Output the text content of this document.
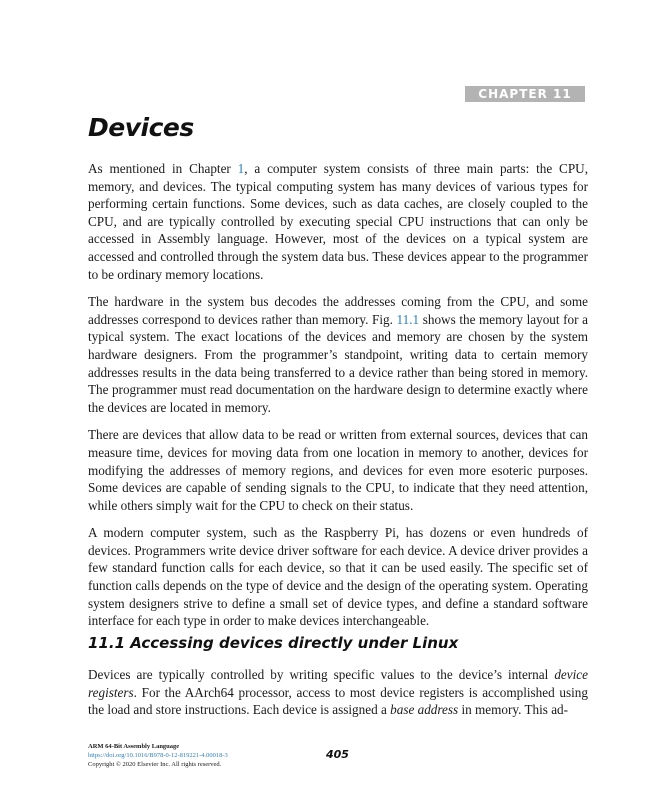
CHAPTER 11
Devices

As mentioned in Chapter 1, a computer system consists of three main parts: the CPU, memory, and devices. The typical computing system has many devices of various types for performing certain functions. Some devices, such as data caches, are closely coupled to the CPU, and are typically controlled by executing special CPU instructions that can only be accessed in Assembly language. However, most of the devices on a typical system are accessed and controlled through the system data bus. These devices appear to the programmer to be ordinary memory locations.

The hardware in the system bus decodes the addresses coming from the CPU, and some addresses correspond to devices rather than memory. Fig. 11.1 shows the memory layout for a typical system. The exact locations of the devices and memory are chosen by the system hardware designers. From the programmer’s standpoint, writing data to certain memory addresses results in the data being transferred to a device rather than being stored in memory. The programmer must read documentation on the hardware design to determine exactly where the devices are located in memory.

There are devices that allow data to be read or written from external sources, devices that can measure time, devices for moving data from one location in memory to another, devices for modifying the addresses of memory regions, and devices for even more esoteric purposes. Some devices are capable of sending signals to the CPU, to indicate that they need attention, while others simply wait for the CPU to check on their status.

A modern computer system, such as the Raspberry Pi, has dozens or even hundreds of devices. Programmers write device driver software for each device. A device driver provides a few standard function calls for each device, so that it can be used easily. The specific set of function calls depends on the type of device and the design of the operating system. Operating system designers strive to define a small set of device types, and define a standard software interface for each type in order to make devices interchangeable.

11.1 Accessing devices directly under Linux

Devices are typically controlled by writing specific values to the device’s internal device registers. For the AArch64 processor, access to most device registers is accomplished using the load and store instructions. Each device is assigned a base address in memory. This ad-

ARM 64-Bit Assembly Language
https://doi.org/10.1016/B978-0-12-819221-4.00018-3
Copyright © 2020 Elsevier Inc. All rights reserved.
405
